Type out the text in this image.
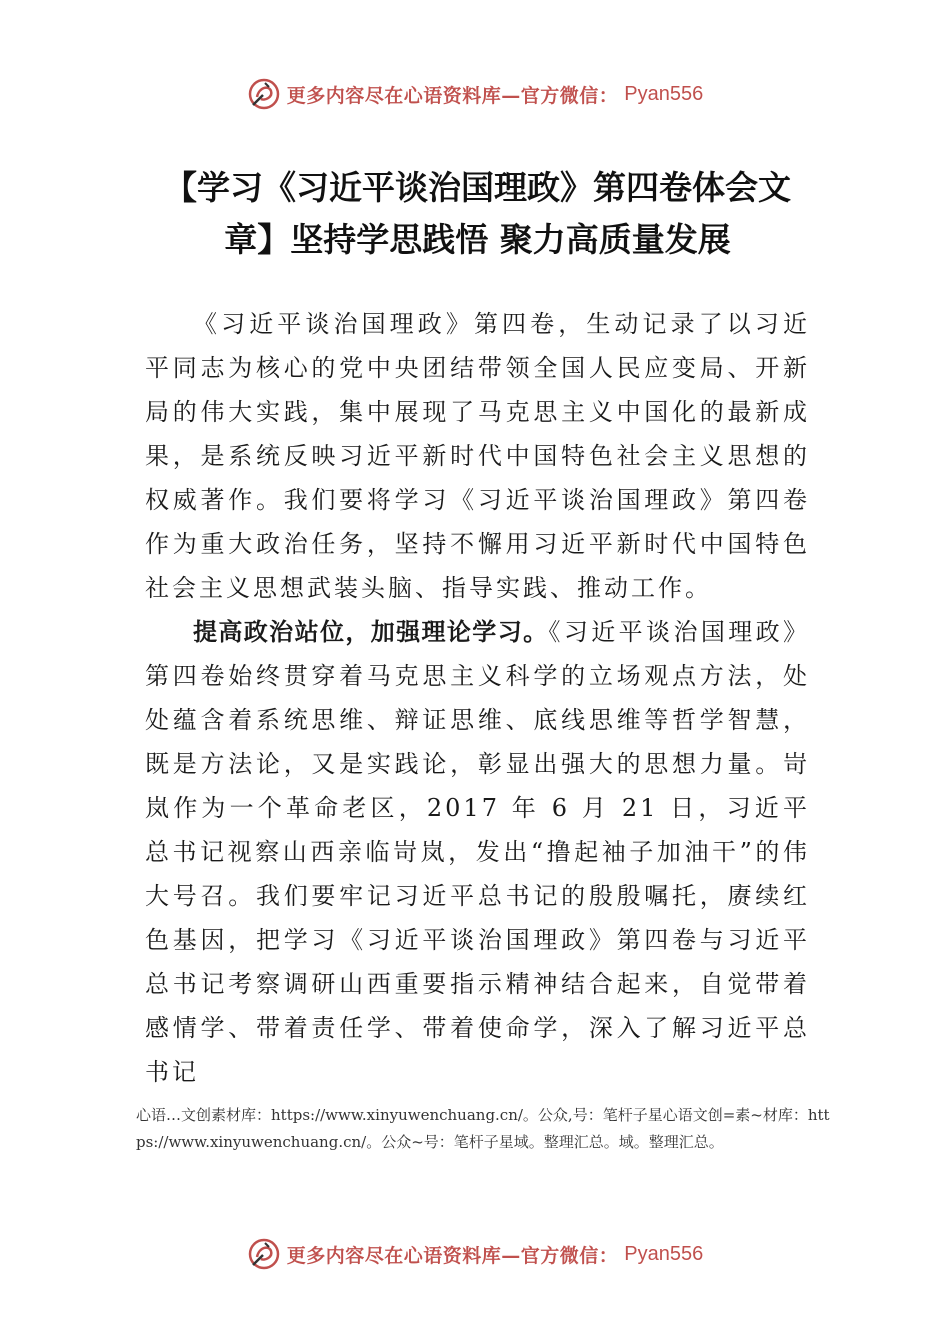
更多内容尽在心语资料库—官方微信： Pyan556
【学习《习近平谈治国理政》第四卷体会文章】坚持学思践悟 聚力高质量发展

《习近平谈治国理政》第四卷，生动记录了以习近平同志为核心的党中央团结带领全国人民应变局、开新局的伟大实践，集中展现了马克思主义中国化的最新成果，是系统反映习近平新时代中国特色社会主义思想的权威著作。我们要将学习《习近平谈治国理政》第四卷作为重大政治任务，坚持不懈用习近平新时代中国特色社会主义思想武装头脑、指导实践、推动工作。

提高政治站位，加强理论学习。《习近平谈治国理政》第四卷始终贯穿着马克思主义科学的立场观点方法，处处蕴含着系统思维、辩证思维、底线思维等哲学智慧，既是方法论，又是实践论，彰显出强大的思想力量。岢岚作为一个革命老区，2017 年 6 月 21 日，习近平总书记视察山西亲临岢岚，发出“撸起袖子加油干”的伟大号召。我们要牢记习近平总书记的殷殷嘱托，赓续红色基因，把学习《习近平谈治国理政》第四卷与习近平总书记考察调研山西重要指示精神结合起来，自觉带着感情学、带着责任学、带着使命学，深入了解习近平总书记

心语…文创素材库：https://www.xinyuwenchuang.cn/。公众,号：笔杆子星心语文创=素~材库：https://www.xinyuwenchuang.cn/。公众~号：笔杆子星域。整理汇总。域。整理汇总。
更多内容尽在心语资料库—官方微信： Pyan556
